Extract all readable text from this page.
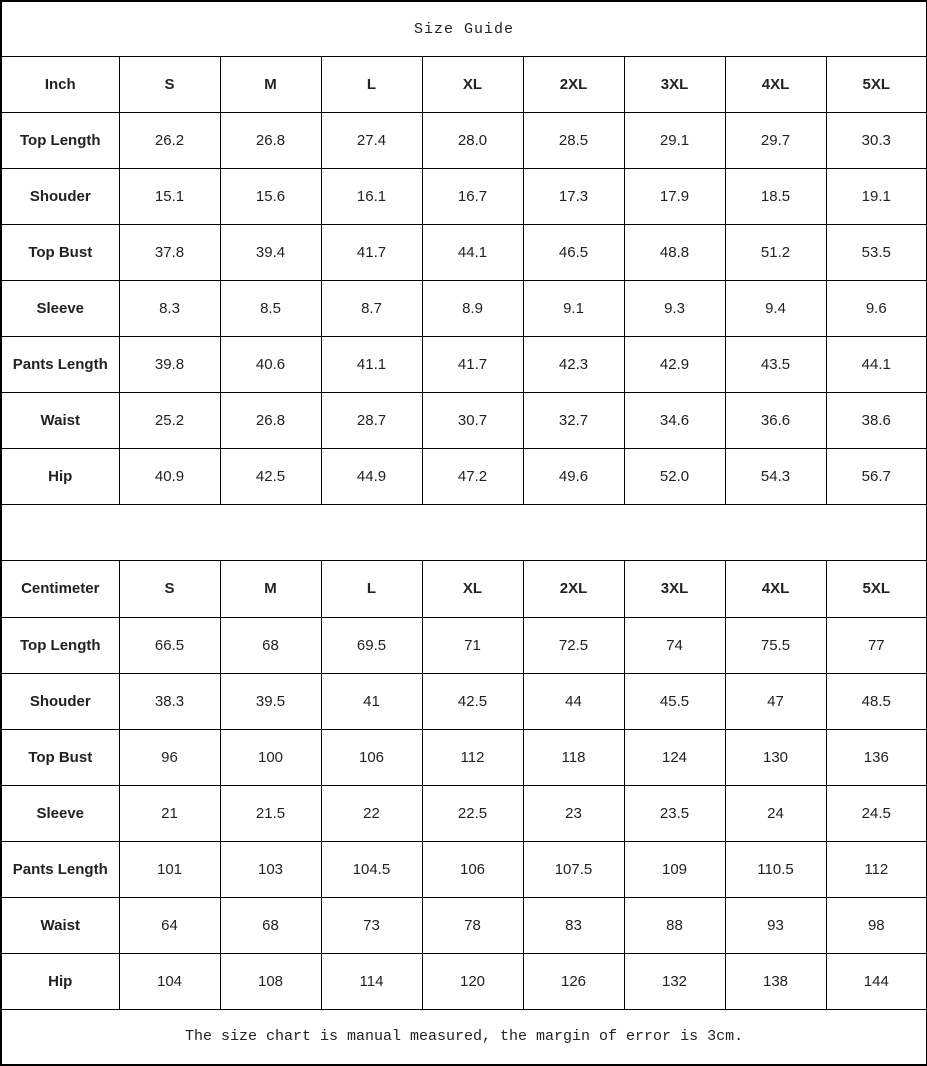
Size Guide								
Inch	S	M	L	XL	2XL	3XL	4XL	5XL
Top Length	26.2	26.8	27.4	28.0	28.5	29.1	29.7	30.3
Shouder	15.1	15.6	16.1	16.7	17.3	17.9	18.5	19.1
Top Bust	37.8	39.4	41.7	44.1	46.5	48.8	51.2	53.5
Sleeve	8.3	8.5	8.7	8.9	9.1	9.3	9.4	9.6
Pants Length	39.8	40.6	41.1	41.7	42.3	42.9	43.5	44.1
Waist	25.2	26.8	28.7	30.7	32.7	34.6	36.6	38.6
Hip	40.9	42.5	44.9	47.2	49.6	52.0	54.3	56.7

Centimeter	S	M	L	XL	2XL	3XL	4XL	5XL
Top Length	66.5	68	69.5	71	72.5	74	75.5	77
Shouder	38.3	39.5	41	42.5	44	45.5	47	48.5
Top Bust	96	100	106	112	118	124	130	136
Sleeve	21	21.5	22	22.5	23	23.5	24	24.5
Pants Length	101	103	104.5	106	107.5	109	110.5	112
Waist	64	68	73	78	83	88	93	98
Hip	104	108	114	120	126	132	138	144
The size chart is manual measured, the margin of error is 3cm.								
